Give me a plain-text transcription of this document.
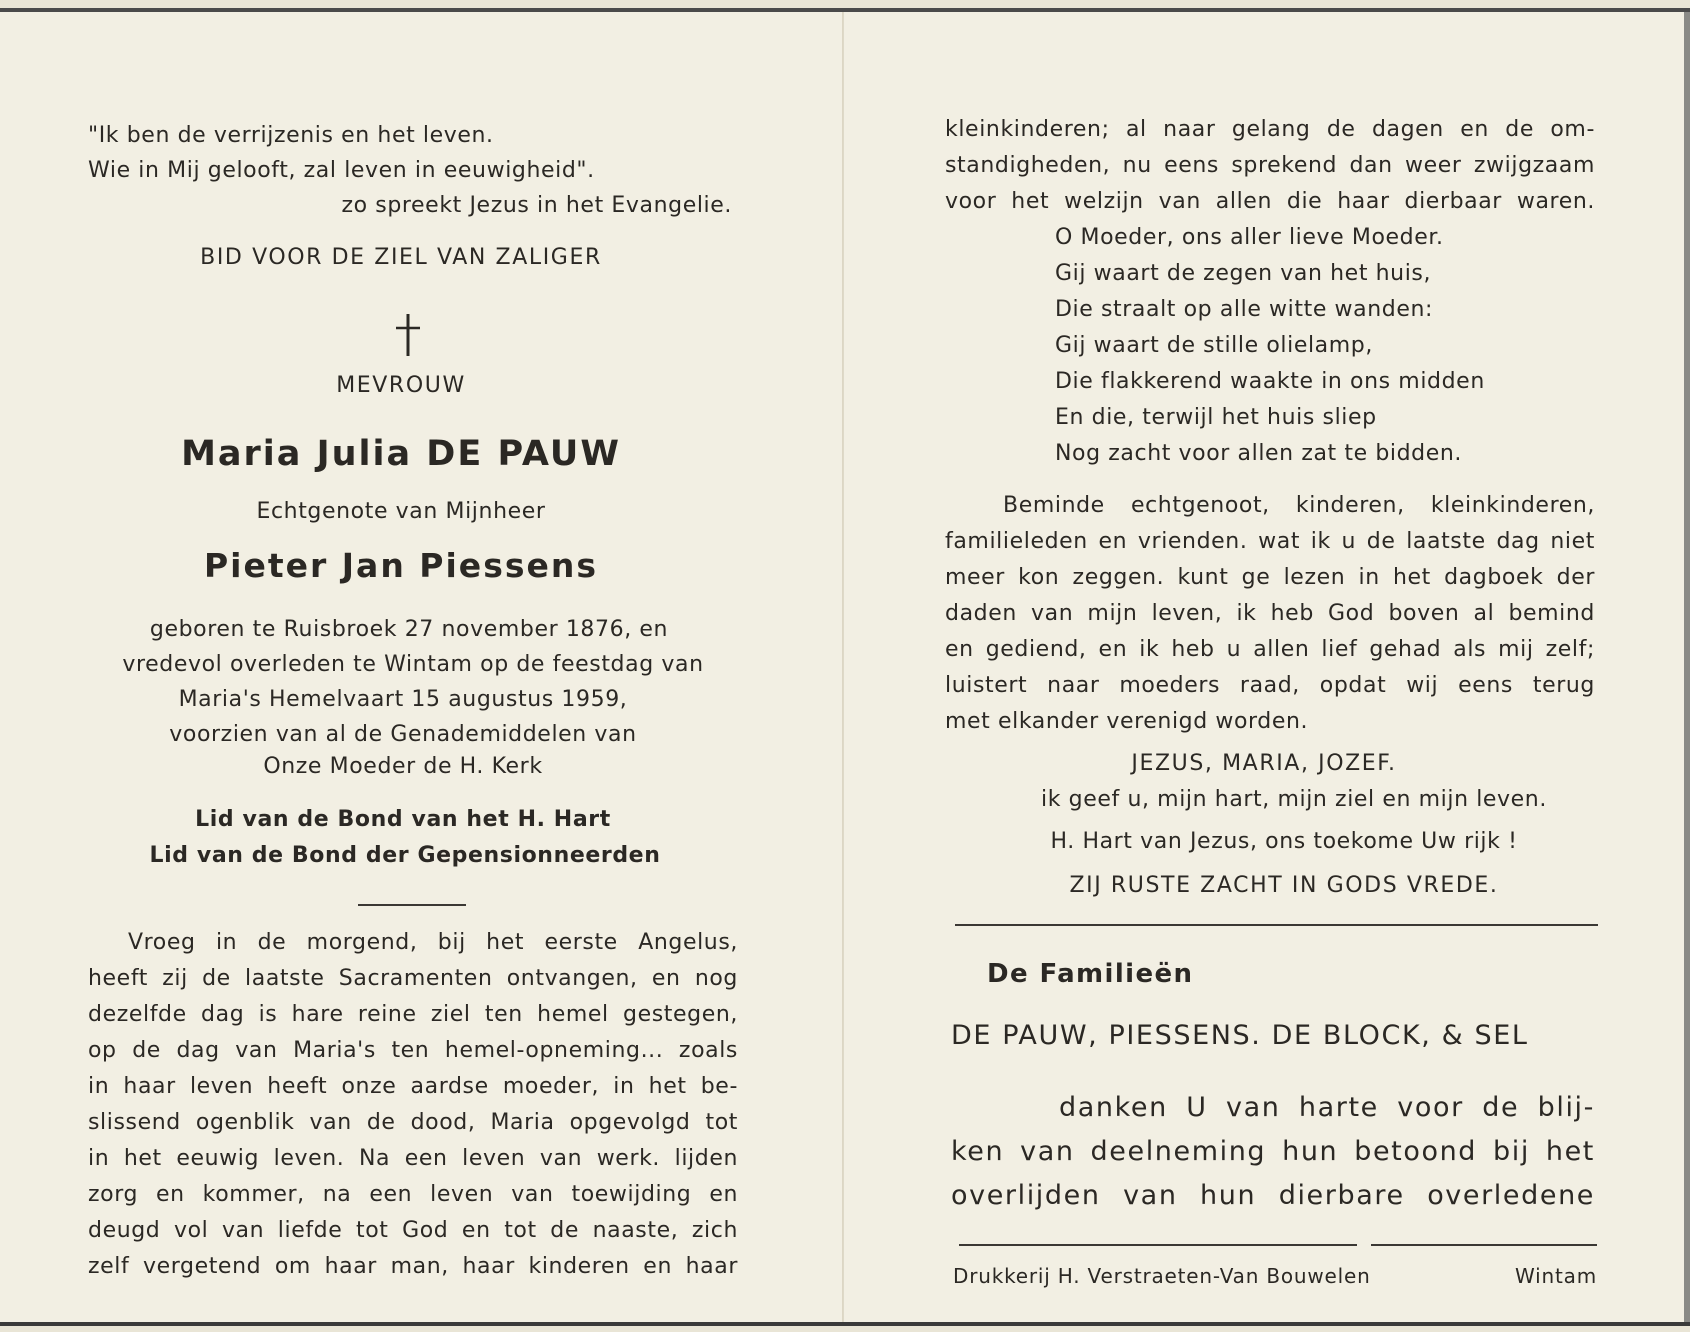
"Ik ben de verrijzenis en het leven.
Wie in Mij gelooft, zal leven in eeuwigheid".
zo spreekt Jezus in het Evangelie.
BID VOOR DE ZIEL VAN ZALIGER
MEVROUW
Maria Julia DE PAUW
Echtgenote van Mijnheer
Pieter Jan Piessens
geboren te Ruisbroek 27 november 1876, en
vredevol overleden te Wintam op de feestdag van
Maria's Hemelvaart 15 augustus 1959,
voorzien van al de Genademiddelen van
Onze Moeder de H. Kerk
Lid van de Bond van het H. Hart
Lid van de Bond der Gepensionneerden
Vroeg in de morgend, bij het eerste Angelus,
heeft zij de laatste Sacramenten ontvangen, en nog
dezelfde dag is hare reine ziel ten hemel gestegen,
op de dag van Maria's ten hemel-opneming... zoals
in haar leven heeft onze aardse moeder, in het be-
slissend ogenblik van de dood, Maria opgevolgd tot
in het eeuwig leven. Na een leven van werk. lijden
zorg en kommer, na een leven van toewijding en
deugd vol van liefde tot God en tot de naaste, zich
zelf vergetend om haar man, haar kinderen en haar
kleinkinderen; al naar gelang de dagen en de om-
standigheden, nu eens sprekend dan weer zwijgzaam
voor het welzijn van allen die haar dierbaar waren.
O Moeder, ons aller lieve Moeder.
Gij waart de zegen van het huis,
Die straalt op alle witte wanden:
Gij waart de stille olielamp,
Die flakkerend waakte in ons midden
En die, terwijl het huis sliep
Nog zacht voor allen zat te bidden.
Beminde echtgenoot, kinderen, kleinkinderen,
familieleden en vrienden. wat ik u de laatste dag niet
meer kon zeggen. kunt ge lezen in het dagboek der
daden van mijn leven, ik heb God boven al bemind
en gediend, en ik heb u allen lief gehad als mij zelf;
luistert naar moeders raad, opdat wij eens terug
met elkander verenigd worden.
JEZUS, MARIA, JOZEF.
ik geef u, mijn hart, mijn ziel en mijn leven.
H. Hart van Jezus, ons toekome Uw rijk !
ZIJ RUSTE ZACHT IN GODS VREDE.
De Familieën
DE PAUW, PIESSENS. DE BLOCK, & SEL
danken U van harte voor de blij-
ken van deelneming hun betoond bij het
overlijden van hun dierbare overledene
Drukkerij H. Verstraeten-Van Bouwelen	Wintam
